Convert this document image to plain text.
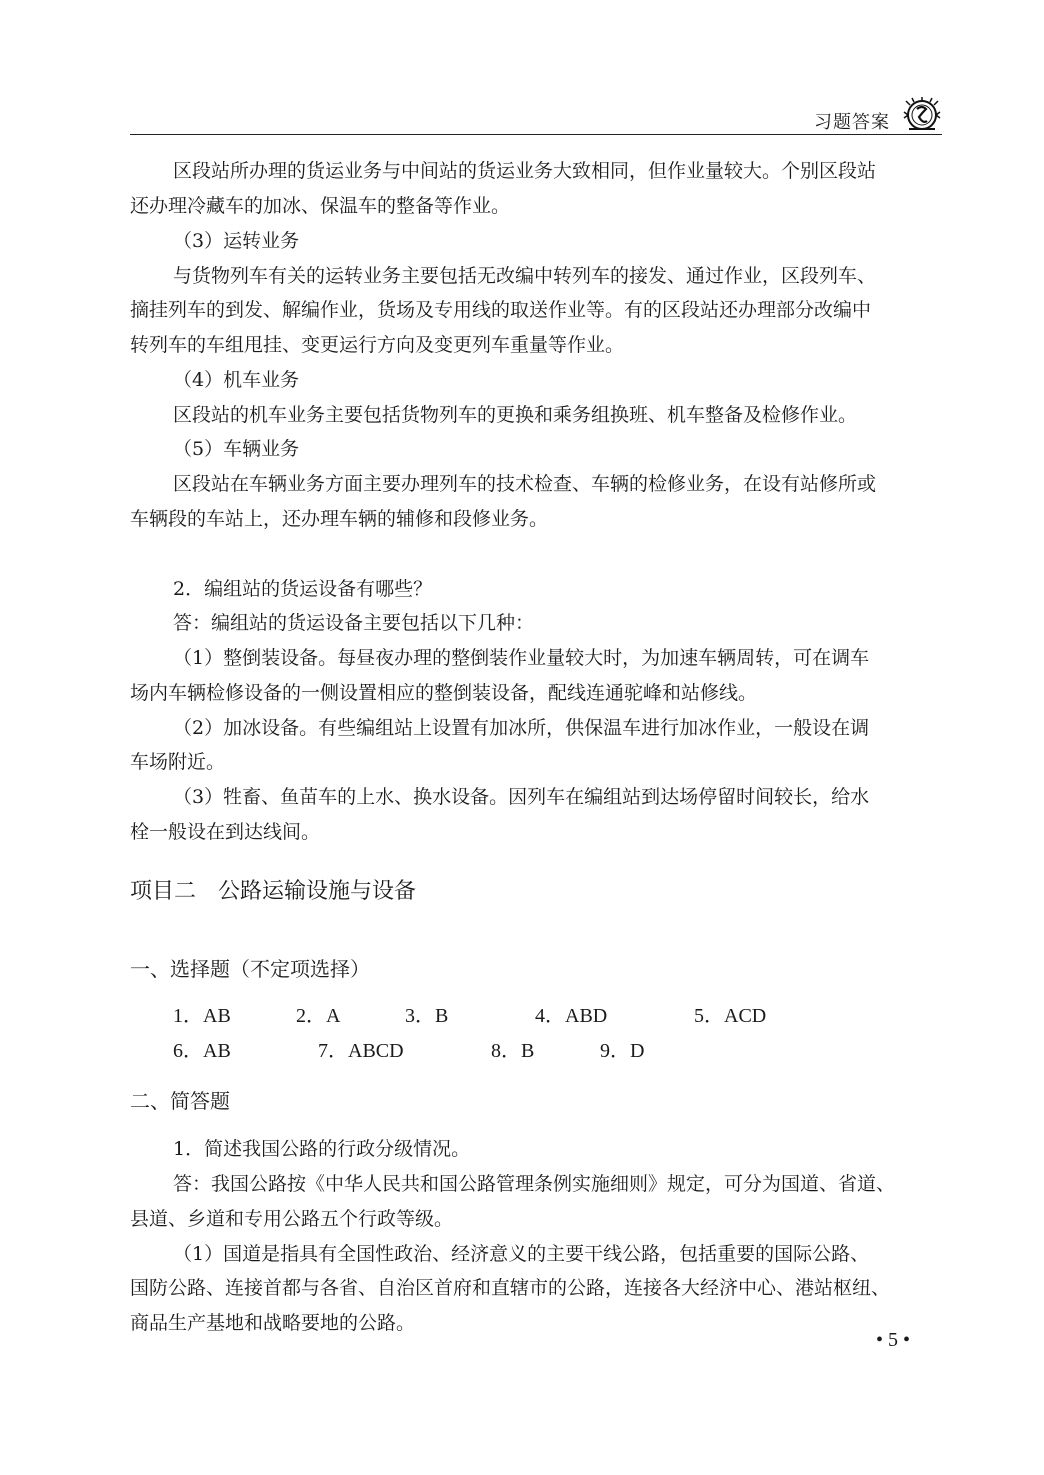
习题答案
区段站所办理的货运业务与中间站的货运业务大致相同，但作业量较大。个别区段站
还办理冷藏车的加冰、保温车的整备等作业。
（3）运转业务
与货物列车有关的运转业务主要包括无改编中转列车的接发、通过作业，区段列车、
摘挂列车的到发、解编作业，货场及专用线的取送作业等。有的区段站还办理部分改编中
转列车的车组甩挂、变更运行方向及变更列车重量等作业。
（4）机车业务
区段站的机车业务主要包括货物列车的更换和乘务组换班、机车整备及检修作业。
（5）车辆业务
区段站在车辆业务方面主要办理列车的技术检查、车辆的检修业务，在设有站修所或
车辆段的车站上，还办理车辆的辅修和段修业务。
2．编组站的货运设备有哪些？
答：编组站的货运设备主要包括以下几种：
（1）整倒装设备。每昼夜办理的整倒装作业量较大时，为加速车辆周转，可在调车
场内车辆检修设备的一侧设置相应的整倒装设备，配线连通驼峰和站修线。
（2）加冰设备。有些编组站上设置有加冰所，供保温车进行加冰作业，一般设在调
车场附近。
（3）牲畜、鱼苗车的上水、换水设备。因列车在编组站到达场停留时间较长，给水
栓一般设在到达线间。
项目二　公路运输设施与设备
一、选择题（不定项选择）
1．AB	2．A	3．B	4．ABD	5．ACD
6．AB	7．ABCD	8．B	9．D
二、简答题
1．简述我国公路的行政分级情况。
答：我国公路按《中华人民共和国公路管理条例实施细则》规定，可分为国道、省道、
县道、乡道和专用公路五个行政等级。
（1）国道是指具有全国性政治、经济意义的主要干线公路，包括重要的国际公路、
国防公路、连接首都与各省、自治区首府和直辖市的公路，连接各大经济中心、港站枢纽、
商品生产基地和战略要地的公路。
• 5 •
